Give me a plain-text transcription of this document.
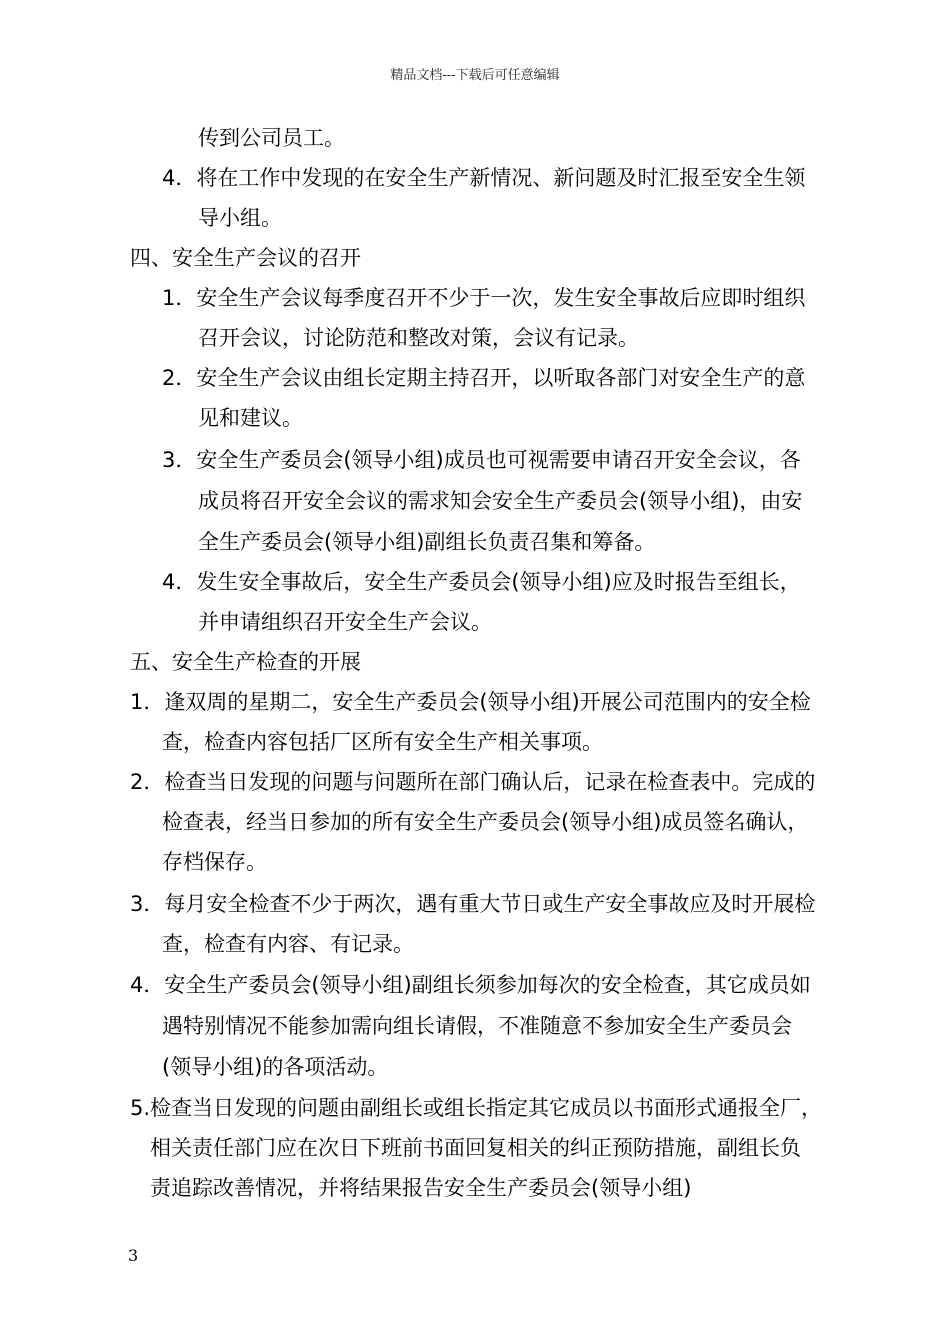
精品文档---下载后可任意编辑
传到公司员工。
4．将在工作中发现的在安全生产新情况、新问题及时汇报至安全生领
导小组。
四、安全生产会议的召开
1．安全生产会议每季度召开不少于一次，发生安全事故后应即时组织
召开会议，讨论防范和整改对策，会议有记录。
2．安全生产会议由组长定期主持召开，以听取各部门对安全生产的意
见和建议。
3．安全生产委员会(领导小组)成员也可视需要申请召开安全会议，各
成员将召开安全会议的需求知会安全生产委员会(领导小组)，由安
全生产委员会(领导小组)副组长负责召集和筹备。
4．发生安全事故后，安全生产委员会(领导小组)应及时报告至组长，
并申请组织召开安全生产会议。
五、安全生产检查的开展
1．逢双周的星期二，安全生产委员会(领导小组)开展公司范围内的安全检
查，检查内容包括厂区所有安全生产相关事项。
2．检查当日发现的问题与问题所在部门确认后，记录在检查表中。完成的
检查表，经当日参加的所有安全生产委员会(领导小组)成员签名确认，
存档保存。
3．每月安全检查不少于两次，遇有重大节日或生产安全事故应及时开展检
查，检查有内容、有记录。
4．安全生产委员会(领导小组)副组长须参加每次的安全检查，其它成员如
遇特别情况不能参加需向组长请假，不准随意不参加安全生产委员会
(领导小组)的各项活动。
5.检查当日发现的问题由副组长或组长指定其它成员以书面形式通报全厂，
相关责任部门应在次日下班前书面回复相关的纠正预防措施，副组长负
责追踪改善情况，并将结果报告安全生产委员会(领导小组)
3
